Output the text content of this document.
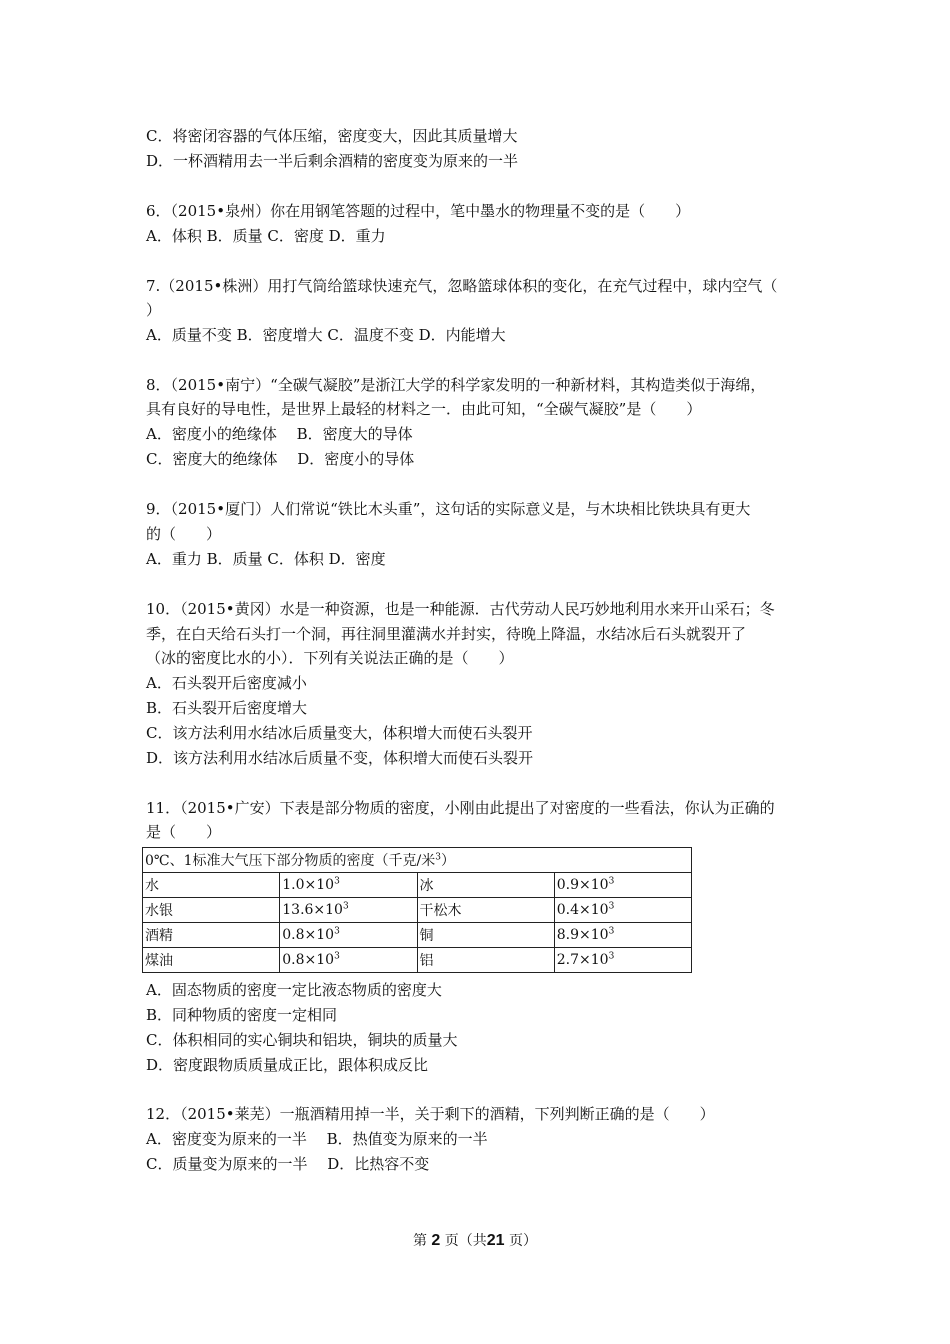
C．将密闭容器的气体压缩，密度变大，因此其质量增大
D．一杯酒精用去一半后剩余酒精的密度变为原来的一半
6．（2015•泉州）你在用钢笔答题的过程中，笔中墨水的物理量不变的是（　　）
A．体积 B．质量 C．密度 D．重力
7.（2015•株洲）用打气筒给篮球快速充气，忽略篮球体积的变化，在充气过程中，球内空气（
）
A．质量不变 B．密度增大 C．温度不变 D．内能增大
8．（2015•南宁）“全碳气凝胶”是浙江大学的科学家发明的一种新材料，其构造类似于海绵，
具有良好的导电性，是世界上最轻的材料之一．由此可知，“全碳气凝胶”是（　　）
A．密度小的绝缘体　 B．密度大的导体
C．密度大的绝缘体　 D．密度小的导体
9．（2015•厦门）人们常说“铁比木头重”，这句话的实际意义是，与木块相比铁块具有更大
的（　　）
A．重力 B．质量 C．体积 D．密度
10．（2015•黄冈）水是一种资源，也是一种能源．古代劳动人民巧妙地利用水来开山采石；冬
季，在白天给石头打一个洞，再往洞里灌满水并封实，待晚上降温，水结冰后石头就裂开了
（冰的密度比水的小）．下列有关说法正确的是（　　）
A．石头裂开后密度减小
B．石头裂开后密度增大
C．该方法利用水结冰后质量变大，体积增大而使石头裂开
D．该方法利用水结冰后质量不变，体积增大而使石头裂开
11．（2015•广安）下表是部分物质的密度，小刚由此提出了对密度的一些看法，你认为正确的
是（　　）
0℃、1标准大气压下部分物质的密度（千克/米$^3$）			
水	$1.0\times 10^3$	冰	$0.9\times 10^3$
水银	$13.6\times 10^3$	干松木	$0.4\times 10^3$
酒精	$0.8\times 10^3$	铜	$8.9\times 10^3$
煤油	$0.8\times 10^3$	铝	$2.7\times 10^3$
A．固态物质的密度一定比液态物质的密度大
B．同种物质的密度一定相同
C．体积相同的实心铜块和铝块，铜块的质量大
D．密度跟物质质量成正比，跟体积成反比
12．（2015•莱芜）一瓶酒精用掉一半，关于剩下的酒精，下列判断正确的是（　　）
A．密度变为原来的一半　 B．热值变为原来的一半
C．质量变为原来的一半　 D．比热容不变
第 2 页（共21 页）
